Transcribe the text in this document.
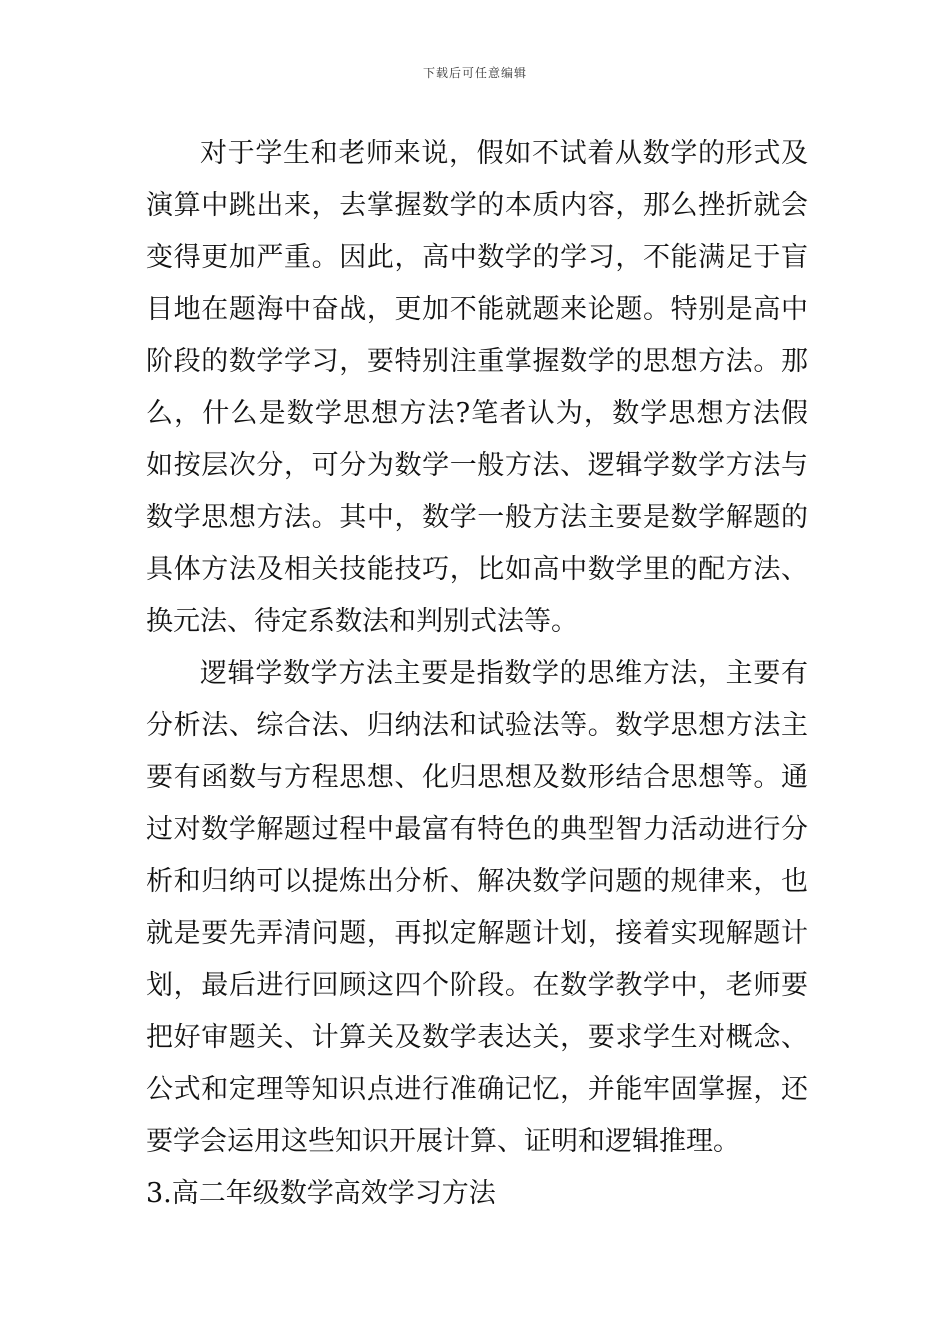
下载后可任意编辑

对于学生和老师来说，假如不试着从数学的形式及演算中跳出来，去掌握数学的本质内容，那么挫折就会变得更加严重。因此，高中数学的学习，不能满足于盲目地在题海中奋战，更加不能就题来论题。特别是高中阶段的数学学习，要特别注重掌握数学的思想方法。那么，什么是数学思想方法?笔者认为，数学思想方法假如按层次分，可分为数学一般方法、逻辑学数学方法与数学思想方法。其中，数学一般方法主要是数学解题的具体方法及相关技能技巧，比如高中数学里的配方法、换元法、待定系数法和判别式法等。

逻辑学数学方法主要是指数学的思维方法，主要有分析法、综合法、归纳法和试验法等。数学思想方法主要有函数与方程思想、化归思想及数形结合思想等。通过对数学解题过程中最富有特色的典型智力活动进行分析和归纳可以提炼出分析、解决数学问题的规律来，也就是要先弄清问题，再拟定解题计划，接着实现解题计划，最后进行回顾这四个阶段。在数学教学中，老师要把好审题关、计算关及数学表达关，要求学生对概念、公式和定理等知识点进行准确记忆，并能牢固掌握，还要学会运用这些知识开展计算、证明和逻辑推理。

3.高二年级数学高效学习方法
